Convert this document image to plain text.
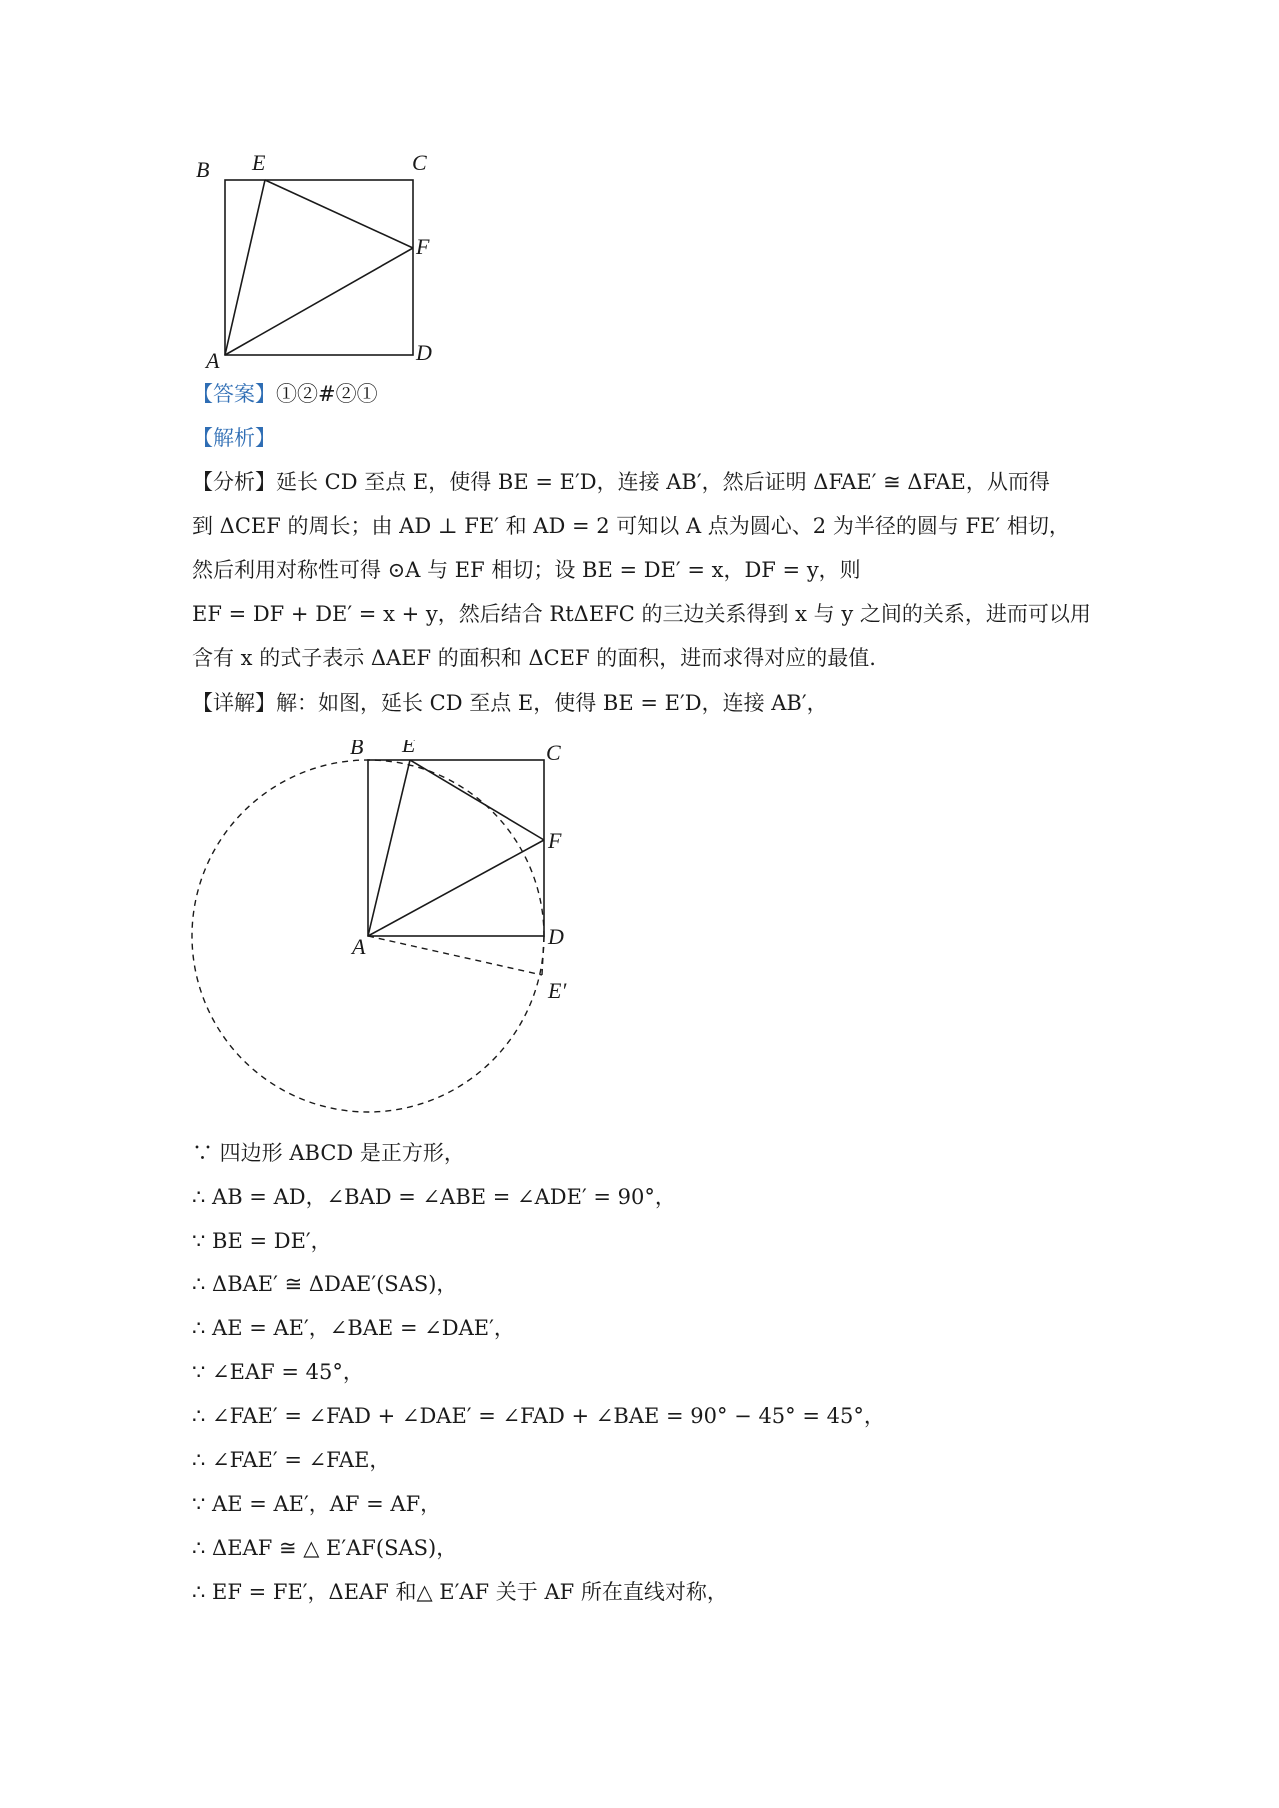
B E	C
F
A	D
【答案】①②#②①
【解析】
【分析】延长 CD 至点 E，使得 BE = E′D，连接 AB′，然后证明 ΔFAE′ ≅ ΔFAE，从而得
到 ΔCEF 的周长；由 AD ⊥ FE′ 和 AD = 2 可知以 A 点为圆心、2 为半径的圆与 FE′ 相切，
然后利用对称性可得 ⊙A 与 EF 相切；设 BE = DE′ = x，DF = y，则
EF = DF + DE′ = x + y，然后结合 RtΔEFC 的三边关系得到 x 与 y 之间的关系，进而可以用
含有 x 的式子表示 ΔAEF 的面积和 ΔCEF 的面积，进而求得对应的最值.
【详解】解：如图，延长 CD 至点 E，使得 BE = E′D，连接 AB′，
B E	C
F
A	D
E′
∵ 四边形 ABCD 是正方形，
∴ AB = AD，∠BAD = ∠ABE = ∠ADE′ = 90°，
∵ BE = DE′，
∴ ΔBAE′ ≅ ΔDAE′(SAS)，
∴ AE = AE′，∠BAE = ∠DAE′，
∵ ∠EAF = 45°，
∴ ∠FAE′ = ∠FAD + ∠DAE′ = ∠FAD + ∠BAE = 90° − 45° = 45°，
∴ ∠FAE′ = ∠FAE，
∵ AE = AE′，AF = AF，
∴ ΔEAF ≅ △ E′AF(SAS)，
∴ EF = FE′，ΔEAF 和△ E′AF 关于 AF 所在直线对称，
